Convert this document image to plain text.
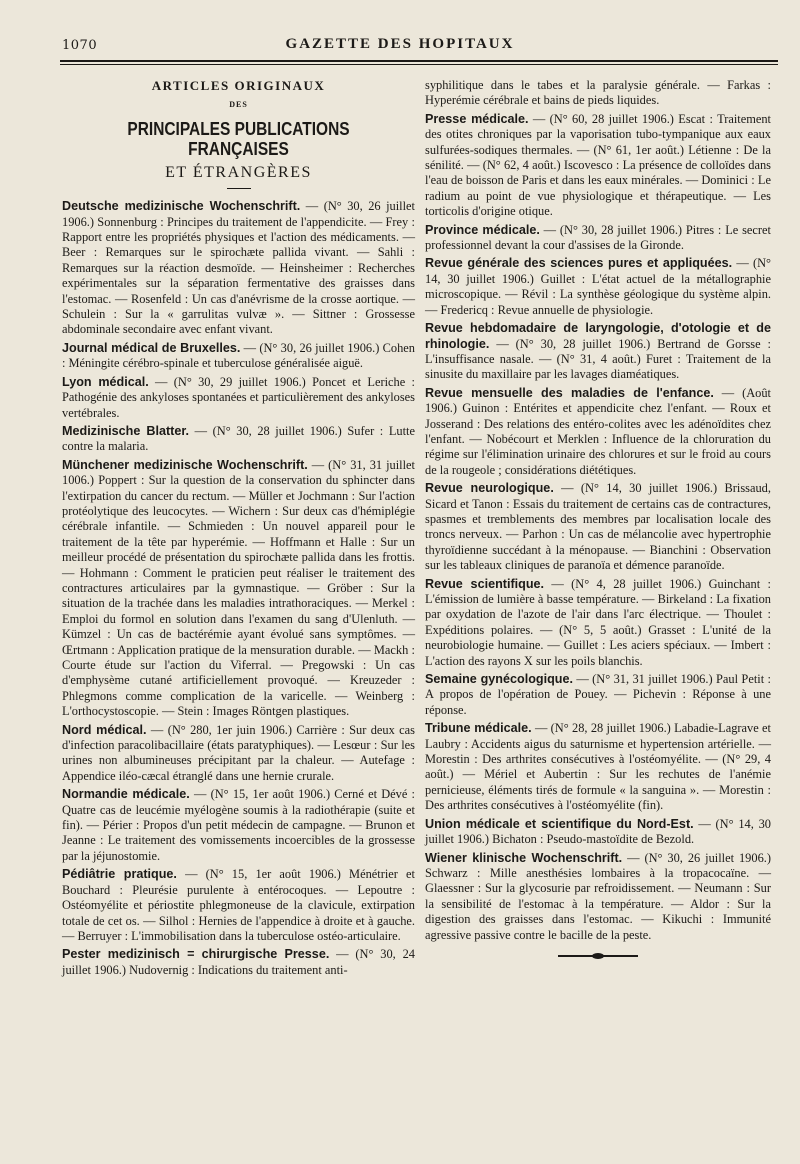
1070	GAZETTE DES HOPITAUX
ARTICLES ORIGINAUX
DES
PRINCIPALES PUBLICATIONS FRANÇAISES
ET ÉTRANGÈRES

Deutsche medizinische Wochenschrift. — (N° 30, 26 juillet 1906.) Sonnenburg : Principes du traitement de l'appendicite. — Frey : Rapport entre les propriétés physiques et l'action des médicaments. — Beer : Remarques sur le spirochæte pallida vivant. — Sahli : Remarques sur la réaction desmoïde. — Heinsheimer : Recherches expérimentales sur la séparation fermentative des graisses dans l'estomac. — Rosenfeld : Un cas d'anévrisme de la crosse aortique. — Schulein : Sur la « garrulitas vulvæ ». — Sittner : Grossesse abdominale secondaire avec enfant vivant.

Journal médical de Bruxelles. — (N° 30, 26 juillet 1906.) Cohen : Méningite cérébro-spinale et tuberculose généralisée aiguë.

Lyon médical. — (N° 30, 29 juillet 1906.) Poncet et Leriche : Pathogénie des ankyloses spontanées et particulièrement des ankyloses vertébrales.

Medizinische Blatter. — (N° 30, 28 juillet 1906.) Sufer : Lutte contre la malaria.

Münchener medizinische Wochenschrift. — (N° 31, 31 juillet 1006.) Poppert : Sur la question de la conservation du sphincter dans l'extirpation du cancer du rectum. — Müller et Jochmann : Sur l'action protéolytique des leucocytes. — Wichern : Sur deux cas d'hémiplégie cérébrale infantile. — Schmieden : Un nouvel appareil pour le traitement de la tête par hyperémie. — Hoffmann et Halle : Sur un meilleur procédé de présentation du spirochæte pallida dans les frottis. — Hohmann : Comment le praticien peut réaliser le traitement des contractures articulaires par la gymnastique. — Gröber : Sur la situation de la trachée dans les maladies intrathoraciques. — Merkel : Emploi du formol en solution dans l'examen du sang d'Ulenluth. — Kümzel : Un cas de bactérémie ayant évolué sans symptômes. — Œrtmann : Application pratique de la mensuration durable. — Mackh : Courte étude sur l'action du Viferral. — Pregowski : Un cas d'emphysème cutané artificiellement provoqué. — Kreuzeder : Phlegmons comme complication de la varicelle. — Weinberg : L'orthocystoscopie. — Stein : Images Röntgen plastiques.

Nord médical. — (N° 280, 1er juin 1906.) Carrière : Sur deux cas d'infection paracolibacillaire (états paratyphiques). — Lesœur : Sur les urines non albumineuses précipitant par la chaleur. — Autefage : Appendice iléo-cæcal étranglé dans une hernie crurale.

Normandie médicale. — (N° 15, 1er août 1906.) Cerné et Dévé : Quatre cas de leucémie myélogène soumis à la radiothérapie (suite et fin). — Périer : Propos d'un petit médecin de campagne. — Brunon et Jeanne : Le traitement des vomissements incoercibles de la grossesse par la jéjunostomie.

Pédiâtrie pratique. — (N° 15, 1er août 1906.) Ménétrier et Bouchard : Pleurésie purulente à entérocoques. — Lepoutre : Ostéomyélite et périostite phlegmoneuse de la clavicule, extirpation totale de cet os. — Silhol : Hernies de l'appendice à droite et à gauche. — Berruyer : L'immobilisation dans la tuberculose ostéo-articulaire.

Pester medizinisch = chirurgische Presse. — (N° 30, 24 juillet 1906.) Nudovernig : Indications du traitement anti-

syphilitique dans le tabes et la paralysie générale. — Farkas : Hyperémie cérébrale et bains de pieds liquides.

Presse médicale. — (N° 60, 28 juillet 1906.) Escat : Traitement des otites chroniques par la vaporisation tubo-tympanique aux eaux sulfurées-sodiques thermales. — (N° 61, 1er août.) Létienne : De la sénilité. — (N° 62, 4 août.) Iscovesco : La présence de colloïdes dans l'eau de boisson de Paris et dans les eaux minérales. — Dominici : Le radium au point de vue physiologique et thérapeutique. — Les torticolis d'origine otique.

Province médicale. — (N° 30, 28 juillet 1906.) Pitres : Le secret professionnel devant la cour d'assises de la Gironde.

Revue générale des sciences pures et appliquées. — (N° 14, 30 juillet 1906.) Guillet : L'état actuel de la métallographie microscopique. — Révil : La synthèse géologique du système alpin. — Fredericq : Revue annuelle de physiologie.

Revue hebdomadaire de laryngologie, d'otologie et de rhinologie. — (N° 30, 28 juillet 1906.) Bertrand de Gorsse : L'insuffisance nasale. — (N° 31, 4 août.) Furet : Traitement de la sinusite du maxillaire par les lavages diaméatiques.

Revue mensuelle des maladies de l'enfance. — (Août 1906.) Guinon : Entérites et appendicite chez l'enfant. — Roux et Josserand : Des relations des entéro-colites avec les adénoïdites chez l'enfant. — Nobécourt et Merklen : Influence de la chloruration du régime sur l'élimination urinaire des chlorures et sur le froid au cours de la rougeole ; considérations diététiques.

Revue neurologique. — (N° 14, 30 juillet 1906.) Brissaud, Sicard et Tanon : Essais du traitement de certains cas de contractures, spasmes et tremblements des membres par localisation locale des troncs nerveux. — Parhon : Un cas de mélancolie avec hypertrophie thyroïdienne succédant à la ménopause. — Bianchini : Observation sur les tableaux cliniques de paranoïa et démence paranoïde.

Revue scientifique. — (N° 4, 28 juillet 1906.) Guinchant : L'émission de lumière à basse température. — Birkeland : La fixation par oxydation de l'azote de l'air dans l'arc électrique. — Thoulet : Expéditions polaires. — (N° 5, 5 août.) Grasset : L'unité de la neurobiologie humaine. — Guillet : Les aciers spéciaux. — Imbert : L'action des rayons X sur les poils blanchis.

Semaine gynécologique. — (N° 31, 31 juillet 1906.) Paul Petit : A propos de l'opération de Pouey. — Pichevin : Réponse à une réponse.

Tribune médicale. — (N° 28, 28 juillet 1906.) Labadie-Lagrave et Laubry : Accidents aigus du saturnisme et hypertension artérielle. — Morestin : Des arthrites consécutives à l'ostéomyélite. — (N° 29, 4 août.) — Mériel et Aubertin : Sur les rechutes de l'anémie pernicieuse, éléments tirés de formule « la sanguina ». — Morestin : Des arthrites consécutives à l'ostéomyélite (fin).

Union médicale et scientifique du Nord-Est. — (N° 14, 30 juillet 1906.) Bichaton : Pseudo-mastoïdite de Bezold.

Wiener klinische Wochenschrift. — (N° 30, 26 juillet 1906.) Schwarz : Mille anesthésies lombaires à la tropacocaïne. — Glaessner : Sur la glycosurie par refroidissement. — Neumann : Sur la sensibilité de l'estomac à la température. — Aldor : Sur la digestion des graisses dans l'estomac. — Kikuchi : Immunité agressive passive contre le bacille de la peste.
